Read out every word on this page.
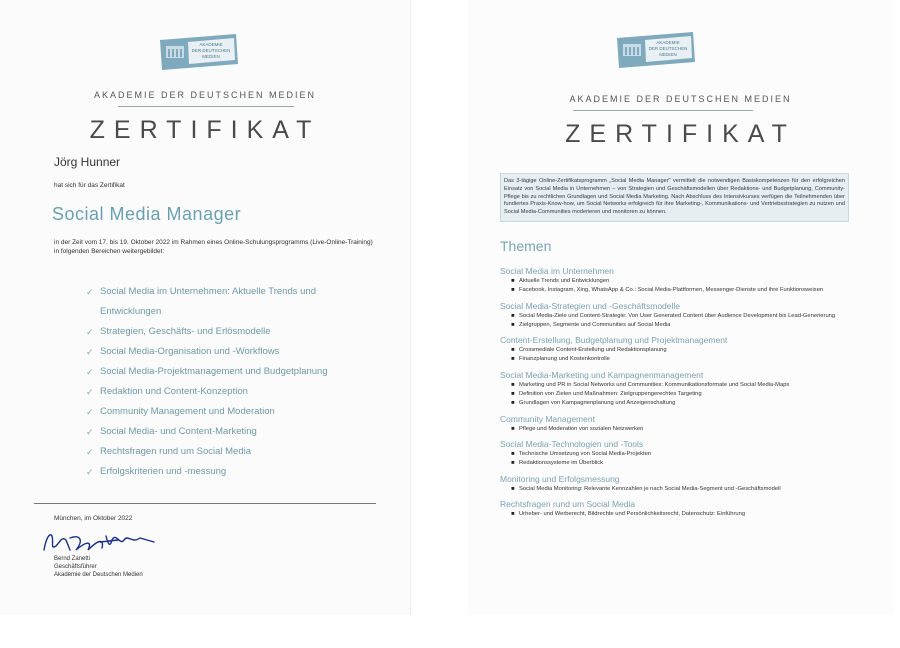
AKADEMIE
DER DEUTSCHEN
MEDIEN
AKADEMIE DER DEUTSCHEN MEDIEN
ZERTIFIKAT
Jörg Hunner
hat sich für das Zertifikat
Social Media Manager
in der Zeit vom 17. bis 19. Oktober 2022 im Rahmen eines Online-Schulungsprogramms (Live-Online-Training)
in folgenden Bereichen weitergebildet:
✓ Social Media im Unternehmen: Aktuelle Trends und
Entwicklungen
✓ Strategien, Geschäfts- und Erlösmodelle
✓ Social Media-Organisation und -Workflows
✓ Social Media-Projektmanagement und Budgetplanung
✓ Redaktion und Content-Konzeption
✓ Community Management und Moderation
✓ Social Media- und Content-Marketing
✓ Rechtsfragen rund um Social Media
✓ Erfolgskriterien und -messung
München, im Oktober 2022
Bernd Zanetti
Geschäftsführer
Akademie der Deutschen Medien
AKADEMIE
DER DEUTSCHEN
MEDIEN
AKADEMIE DER DEUTSCHEN MEDIEN
ZERTIFIKAT
Das 3-tägige Online-Zertifikatsprogramm „Social Media Manager" vermittelt die notwendigen Basiskompetenzen für den erfolgreichen Einsatz von Social Media in Unternehmen – von Strategien und Geschäftsmodellen über Redaktions- und Budgetplanung, Community-Pflege bis zu rechtlichen Grundlagen und Social Media Marketing. Nach Abschluss des Intensivkurses verfügen die Teilnehmenden über fundiertes Praxis-Know-how, um Social Networks erfolgreich für ihre Marketing-, Kommunikations- und Vertriebsstrategien zu nutzen und Social Media-Communities moderieren und monitoren zu können.
Themen
Social Media im Unternehmen
■ Aktuelle Trends und Entwicklungen
■ Facebook, Instagram, Xing, WhatsApp & Co.: Social Media-Plattformen, Messenger-Dienste und ihre Funktionsweisen
Social Media-Strategien und -Geschäftsmodelle
■ Social Media-Ziele und Content-Strategie: Von User Generated Content über Audience Development bis Lead-Generierung
■ Zielgruppen, Segmente und Communities auf Social Media
Content-Erstellung, Budgetplanung und Projektmanagement
■ Crossmediale Content-Erstellung und Redaktionsplanung
■ Finanzplanung und Kostenkontrolle
Social Media-Marketing und Kampagnenmanagement
■ Marketing und PR in Social Networks und Communities: Kommunikationsformate und Social Media-Maps
■ Definition von Zielen und Maßnahmen: Zielgruppengerechtes Targeting
■ Grundlagen von Kampagnenplanung und Anzeigenschaltung
Community Management
■ Pflege und Moderation von sozialen Netzwerken
Social Media-Technologien und -Tools
■ Technische Umsetzung von Social Media-Projekten
■ Redaktionssysteme im Überblick
Monitoring und Erfolgsmessung
■ Social Media Monitoring: Relevante Kennzahlen je nach Social Media-Segment und -Geschäftsmodell
Rechtsfragen rund um Social Media
■ Urheber- und Werberecht, Bildrechte und Persönlichkeitsrecht, Datenschutz: Einführung
